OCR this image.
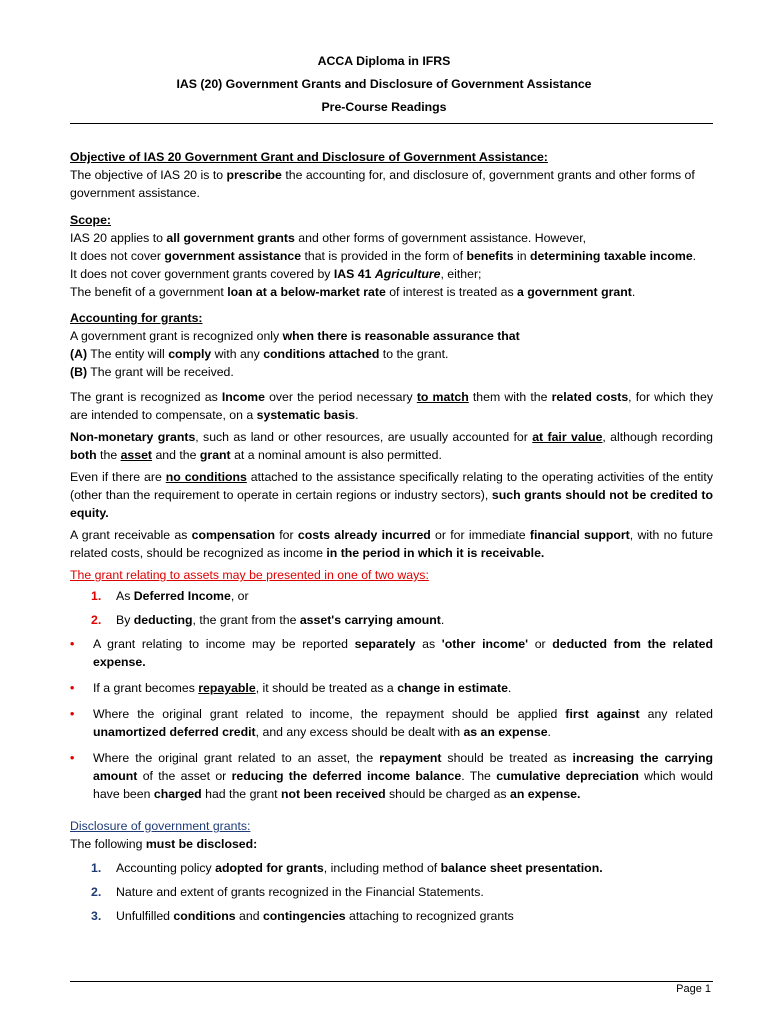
ACCA Diploma in IFRS
IAS (20) Government Grants and Disclosure of Government Assistance
Pre-Course Readings

Objective of IAS 20 Government Grant and Disclosure of Government Assistance:

The objective of IAS 20 is to prescribe the accounting for, and disclosure of, government grants and other forms of government assistance.

Scope:

IAS 20 applies to all government grants and other forms of government assistance. However,

It does not cover government assistance that is provided in the form of benefits in determining taxable income.

It does not cover government grants covered by IAS 41 Agriculture, either;

The benefit of a government loan at a below-market rate of interest is treated as a government grant.

Accounting for grants:

A government grant is recognized only when there is reasonable assurance that

(A) The entity will comply with any conditions attached to the grant.

(B) The grant will be received.

The grant is recognized as Income over the period necessary to match them with the related costs, for which they are intended to compensate, on a systematic basis.

Non-monetary grants, such as land or other resources, are usually accounted for at fair value, although recording both the asset and the grant at a nominal amount is also permitted.

Even if there are no conditions attached to the assistance specifically relating to the operating activities of the entity (other than the requirement to operate in certain regions or industry sectors), such grants should not be credited to equity.

A grant receivable as compensation for costs already incurred or for immediate financial support, with no future related costs, should be recognized as income in the period in which it is receivable.

The grant relating to assets may be presented in one of two ways:

1. As Deferred Income, or
2. By deducting, the grant from the asset's carrying amount.
• A grant relating to income may be reported separately as 'other income' or deducted from the related expense.
• If a grant becomes repayable, it should be treated as a change in estimate.
• Where the original grant related to income, the repayment should be applied first against any related unamortized deferred credit, and any excess should be dealt with as an expense.
• Where the original grant related to an asset, the repayment should be treated as increasing the carrying amount of the asset or reducing the deferred income balance. The cumulative depreciation which would have been charged had the grant not been received should be charged as an expense.

Disclosure of government grants:

The following must be disclosed:

1. Accounting policy adopted for grants, including method of balance sheet presentation.
2. Nature and extent of grants recognized in the Financial Statements.
3. Unfulfilled conditions and contingencies attaching to recognized grants
Page 1
